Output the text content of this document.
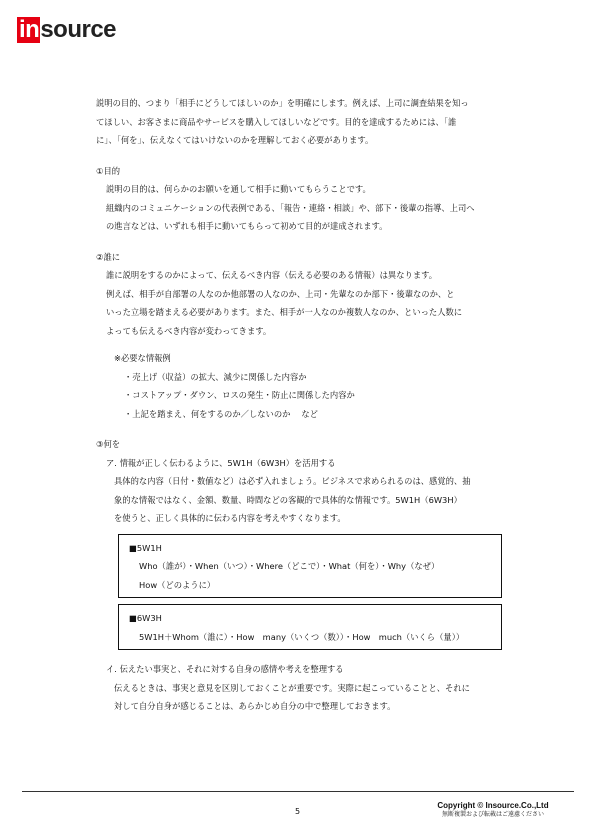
in source

説明の目的、つまり「相手にどうしてほしいのか」を明確にします。例えば、上司に調査結果を知っ

てほしい、お客さまに商品やサービスを購入してほしいなどです。目的を達成するためには、「誰

に」、「何を」、伝えなくてはいけないのかを理解しておく必要があります。

①目的

説明の目的は、何らかのお願いを通して相手に動いてもらうことです。

組織内のコミュニケーションの代表例である、「報告・連絡・相談」や、部下・後輩の指導、上司へ

の進言などは、いずれも相手に動いてもらって初めて目的が達成されます。

②誰に

誰に説明をするのかによって、伝えるべき内容（伝える必要のある情報）は異なります。

例えば、相手が自部署の人なのか他部署の人なのか、上司・先輩なのか部下・後輩なのか、と

いった立場を踏まえる必要があります。また、相手が一人なのか複数人なのか、といった人数に

よっても伝えるべき内容が変わってきます。

※必要な情報例

・売上げ（収益）の拡大、減少に関係した内容か

・コストアップ・ダウン、ロスの発生・防止に関係した内容か

・上記を踏まえ、何をするのか／しないのか　 など

③何を

ア. 情報が正しく伝わるように、5W1H（6W3H）を活用する

具体的な内容（日付・数値など）は必ず入れましょう。ビジネスで求められるのは、感覚的、抽

象的な情報ではなく、金額、数量、時間などの客観的で具体的な情報です。5W1H（6W3H）

を使うと、正しく具体的に伝わる内容を考えやすくなります。

■5W1H

Who（誰が）・When（いつ）・Where（どこで）・What（何を）・Why（なぜ）

How（どのように）

■6W3H

5W1H＋Whom（誰に）・How　many（いくつ（数））・How　much（いくら（量））

イ. 伝えたい事実と、それに対する自身の感情や考えを整理する

伝えるときは、事実と意見を区別しておくことが重要です。実際に起こっていることと、それに

対して自分自身が感じることは、あらかじめ自分の中で整理しておきます。

5
Copyright © Insource.Co.,Ltd
無断複製および転載はご遠慮ください
